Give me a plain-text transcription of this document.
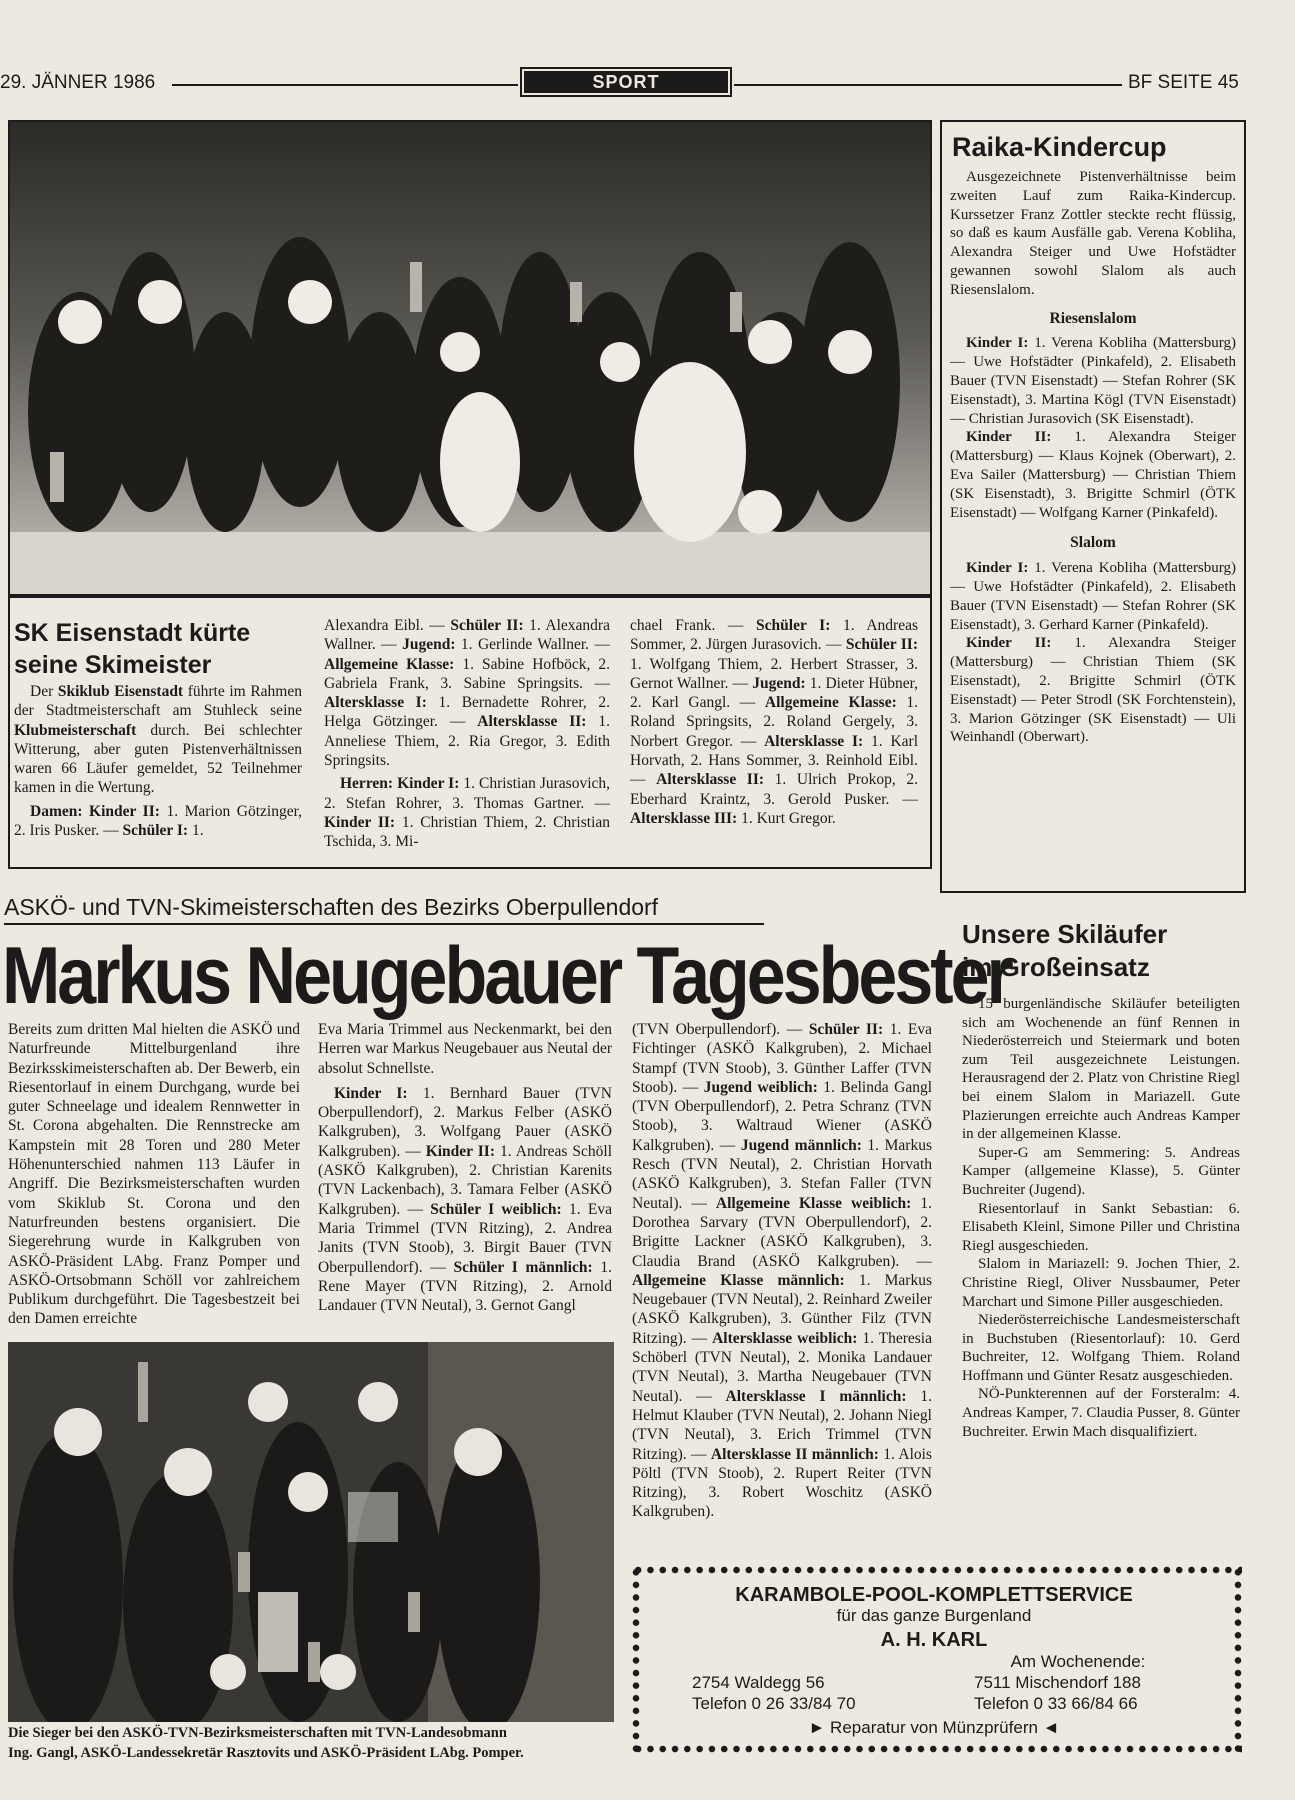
29. JÄNNER 1986	SPORT	BF SEITE 45
SK Eisenstadt kürte
seine Skimeister

Der Skiklub Eisenstadt führte im Rahmen der Stadtmeisterschaft am Stuhleck seine Klubmeisterschaft durch. Bei schlechter Witterung, aber guten Pistenverhältnissen waren 66 Läufer gemeldet, 52 Teilnehmer kamen in die Wertung.

Damen: Kinder II: 1. Marion Götzinger, 2. Iris Pusker. — Schüler I: 1.

Alexandra Eibl. — Schüler II: 1. Alexandra Wallner. — Jugend: 1. Gerlinde Wallner. — Allgemeine Klasse: 1. Sabine Hofböck, 2. Gabriela Frank, 3. Sabine Springsits. — Altersklasse I: 1. Bernadette Rohrer, 2. Helga Götzinger. — Altersklasse II: 1. Anneliese Thiem, 2. Ria Gregor, 3. Edith Springsits.

Herren: Kinder I: 1. Christian Jurasovich, 2. Stefan Rohrer, 3. Thomas Gartner. — Kinder II: 1. Christian Thiem, 2. Christian Tschida, 3. Mi-

chael Frank. — Schüler I: 1. Andreas Sommer, 2. Jürgen Jurasovich. — Schüler II: 1. Wolfgang Thiem, 2. Herbert Strasser, 3. Gernot Wallner. — Jugend: 1. Dieter Hübner, 2. Karl Gangl. — Allgemeine Klasse: 1. Roland Springsits, 2. Roland Gergely, 3. Norbert Gregor. — Altersklasse I: 1. Karl Horvath, 2. Hans Sommer, 3. Reinhold Eibl. — Altersklasse II: 1. Ulrich Prokop, 2. Eberhard Kraintz, 3. Gerold Pusker. — Altersklasse III: 1. Kurt Gregor.
Raika-Kindercup

Ausgezeichnete Pistenverhältnisse beim zweiten Lauf zum Raika-Kindercup. Kurssetzer Franz Zottler steckte recht flüssig, so daß es kaum Ausfälle gab. Verena Kobliha, Alexandra Steiger und Uwe Hofstädter gewannen sowohl Slalom als auch Riesenslalom.

Riesenslalom

Kinder I: 1. Verena Kobliha (Mattersburg) — Uwe Hofstädter (Pinkafeld), 2. Elisabeth Bauer (TVN Eisenstadt) — Stefan Rohrer (SK Eisenstadt), 3. Martina Kögl (TVN Eisenstadt) — Christian Jurasovich (SK Eisenstadt).

Kinder II: 1. Alexandra Steiger (Mattersburg) — Klaus Kojnek (Oberwart), 2. Eva Sailer (Mattersburg) — Christian Thiem (SK Eisenstadt), 3. Brigitte Schmirl (ÖTK Eisenstadt) — Wolfgang Karner (Pinkafeld).

Slalom

Kinder I: 1. Verena Kobliha (Mattersburg) — Uwe Hofstädter (Pinkafeld), 2. Elisabeth Bauer (TVN Eisenstadt) — Stefan Rohrer (SK Eisenstadt), 3. Gerhard Karner (Pinkafeld).

Kinder II: 1. Alexandra Steiger (Mattersburg) — Christian Thiem (SK Eisenstadt), 2. Brigitte Schmirl (ÖTK Eisenstadt) — Peter Strodl (SK Forchtenstein), 3. Marion Götzinger (SK Eisenstadt) — Uli Weinhandl (Oberwart).

ASKÖ- und TVN-Skimeisterschaften des Bezirks Oberpullendorf
Markus Neugebauer Tagesbester
Bereits zum dritten Mal hielten die ASKÖ und Naturfreunde Mittelburgenland ihre Bezirksskimeisterschaften ab. Der Bewerb, ein Riesentorlauf in einem Durchgang, wurde bei guter Schneelage und idealem Rennwetter in St. Corona abgehalten. Die Rennstrecke am Kampstein mit 28 Toren und 280 Meter Höhenunterschied nahmen 113 Läufer in Angriff. Die Bezirksmeisterschaften wurden vom Skiklub St. Corona und den Naturfreunden bestens organisiert. Die Siegerehrung wurde in Kalkgruben von ASKÖ-Präsident LAbg. Franz Pomper und ASKÖ-Ortsobmann Schöll vor zahlreichem Publikum durchgeführt. Die Tagesbestzeit bei den Damen erreichte
Eva Maria Trimmel aus Neckenmarkt, bei den Herren war Markus Neugebauer aus Neutal der absolut Schnellste.

Kinder I: 1. Bernhard Bauer (TVN Oberpullendorf), 2. Markus Felber (ASKÖ Kalkgruben), 3. Wolfgang Pauer (ASKÖ Kalkgruben). — Kinder II: 1. Andreas Schöll (ASKÖ Kalkgruben), 2. Christian Karenits (TVN Lackenbach), 3. Tamara Felber (ASKÖ Kalkgruben). — Schüler I weiblich: 1. Eva Maria Trimmel (TVN Ritzing), 2. Andrea Janits (TVN Stoob), 3. Birgit Bauer (TVN Oberpullendorf). — Schüler I männlich: 1. Rene Mayer (TVN Ritzing), 2. Arnold Landauer (TVN Neutal), 3. Gernot Gangl

(TVN Oberpullendorf). — Schüler II: 1. Eva Fichtinger (ASKÖ Kalkgruben), 2. Michael Stampf (TVN Stoob), 3. Günther Laffer (TVN Stoob). — Jugend weiblich: 1. Belinda Gangl (TVN Oberpullendorf), 2. Petra Schranz (TVN Stoob), 3. Waltraud Wiener (ASKÖ Kalkgruben). — Jugend männlich: 1. Markus Resch (TVN Neutal), 2. Christian Horvath (ASKÖ Kalkgruben), 3. Stefan Faller (TVN Neutal). — Allgemeine Klasse weiblich: 1. Dorothea Sarvary (TVN Oberpullendorf), 2. Brigitte Lackner (ASKÖ Kalkgruben), 3. Claudia Brand (ASKÖ Kalkgruben). — Allgemeine Klasse männlich: 1. Markus Neugebauer (TVN Neutal), 2. Reinhard Zweiler (ASKÖ Kalkgruben), 3. Günther Filz (TVN Ritzing). — Altersklasse weiblich: 1. Theresia Schöberl (TVN Neutal), 2. Monika Landauer (TVN Neutal), 3. Martha Neugebauer (TVN Neutal). — Altersklasse I männlich: 1. Helmut Klauber (TVN Neutal), 2. Johann Niegl (TVN Neutal), 3. Erich Trimmel (TVN Ritzing). — Altersklasse II männlich: 1. Alois Pöltl (TVN Stoob), 2. Rupert Reiter (TVN Ritzing), 3. Robert Woschitz (ASKÖ Kalkgruben).
Die Sieger bei den ASKÖ-TVN-Bezirksmeisterschaften mit TVN-Landesobmann
Ing. Gangl, ASKÖ-Landessekretär Rasztovits und ASKÖ-Präsident LAbg. Pomper.
Unsere Skiläufer
im Großeinsatz

15 burgenländische Skiläufer beteiligten sich am Wochenende an fünf Rennen in Niederösterreich und Steiermark und boten zum Teil ausgezeichnete Leistungen. Herausragend der 2. Platz von Christine Riegl bei einem Slalom in Mariazell. Gute Plazierungen erreichte auch Andreas Kamper in der allgemeinen Klasse.

Super-G am Semmering: 5. Andreas Kamper (allgemeine Klasse), 5. Günter Buchreiter (Jugend).

Riesentorlauf in Sankt Sebastian: 6. Elisabeth Kleinl, Simone Piller und Christina Riegl ausgeschieden.

Slalom in Mariazell: 9. Jochen Thier, 2. Christine Riegl, Oliver Nussbaumer, Peter Marchart und Simone Piller ausgeschieden.

Niederösterreichische Landesmeisterschaft in Buchstuben (Riesentorlauf): 10. Gerd Buchreiter, 12. Wolfgang Thiem. Roland Hoffmann und Günter Resatz ausgeschieden.

NÖ-Punkterennen auf der Forsteralm: 4. Andreas Kamper, 7. Claudia Pusser, 8. Günter Buchreiter. Erwin Mach disqualifiziert.

KARAMBOLE-POOL-KOMPLETTSERVICE
für das ganze Burgenland
A. H. KARL
Am Wochenende:
2754 Waldegg 56
Telefon 0 26 33/84 70
7511 Mischendorf 188
Telefon 0 33 66/84 66
► Reparatur von Münzprüfern ◄
